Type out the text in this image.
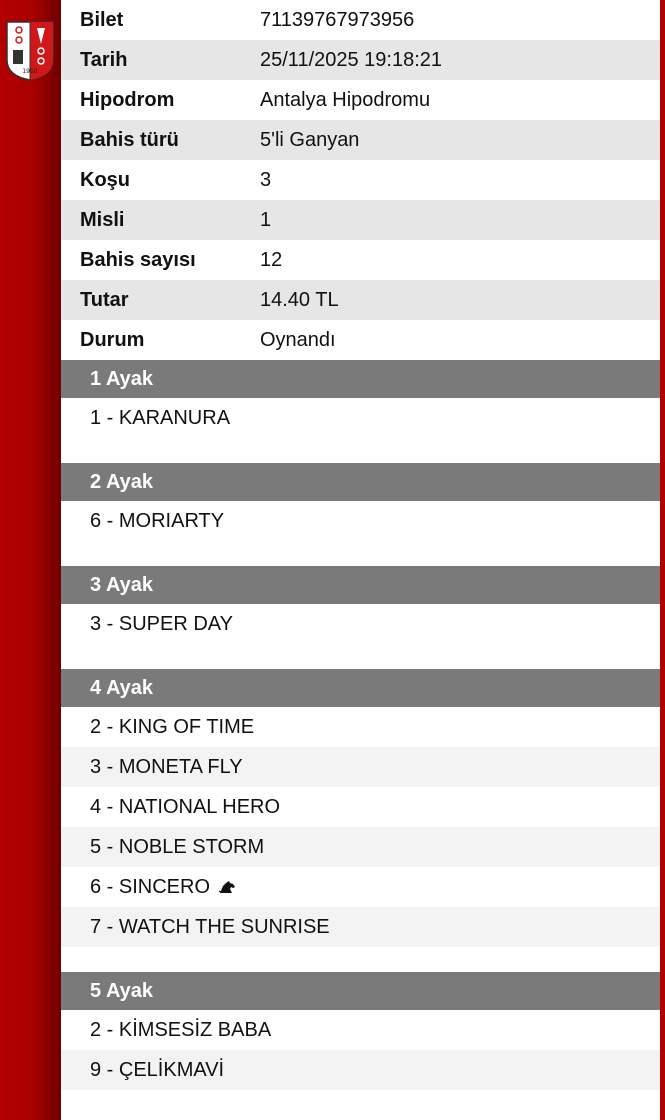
1950
Bilet	71139767973956
Tarih	25/11/2025 19:18:21
Hipodrom	Antalya Hipodromu
Bahis türü	5'li Ganyan
Koşu	3
Misli	1
Bahis sayısı	12
Tutar	14.40 TL
Durum	Oynandı
1 Ayak
1 - KARANURA
2 Ayak
6 - MORIARTY
3 Ayak
3 - SUPER DAY
4 Ayak
2 - KING OF TIME
3 - MONETA FLY
4 - NATIONAL HERO
5 - NOBLE STORM
6 - SINCERO
7 - WATCH THE SUNRISE
5 Ayak
2 - KİMSESİZ BABA
9 - ÇELİKMAVİ
